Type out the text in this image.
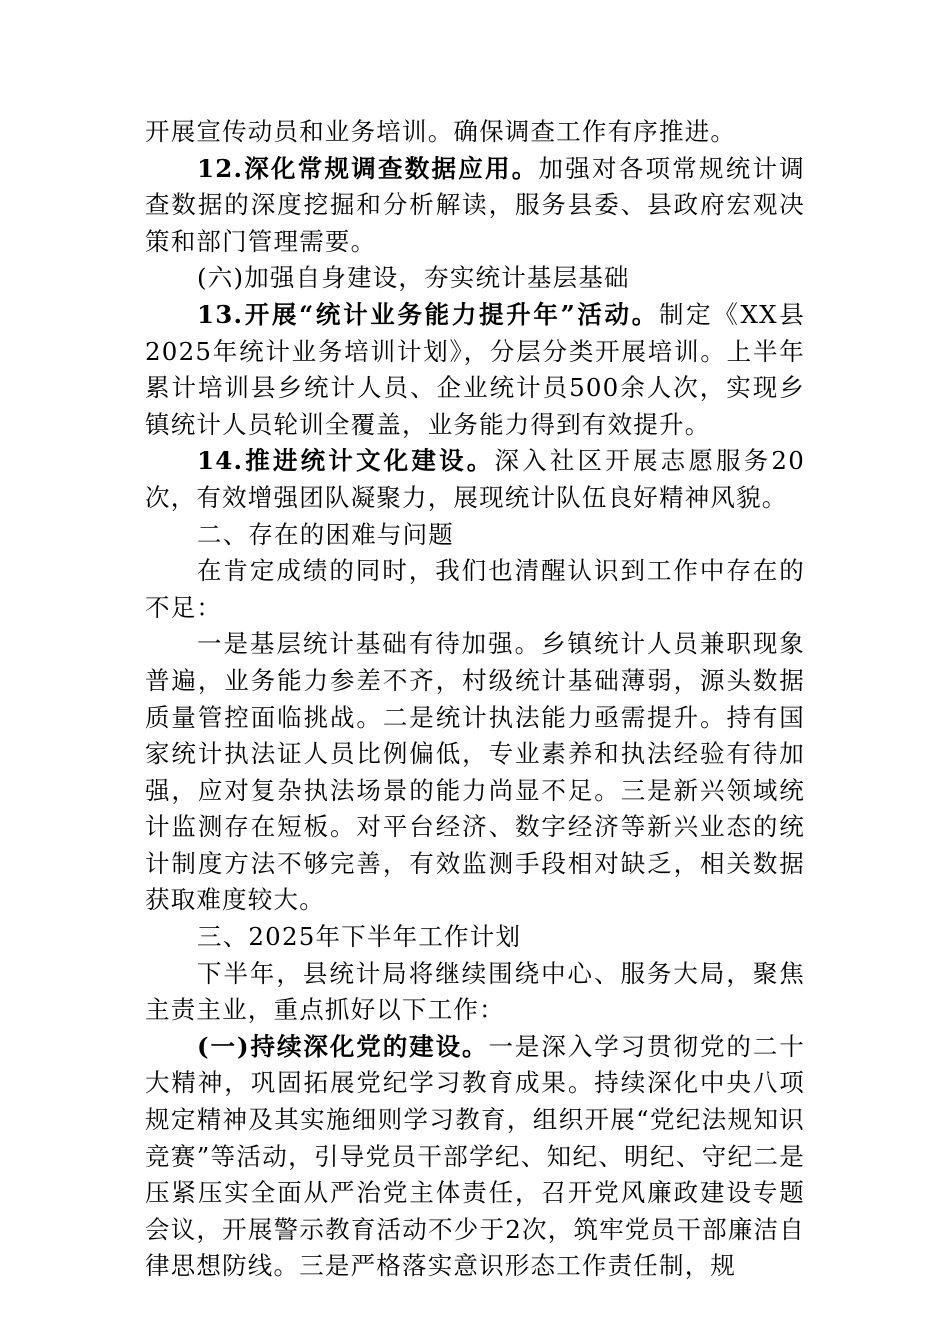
开展宣传动员和业务培训。确保调查工作有序推进。

12.深化常规调查数据应用。加强对各项常规统计调查数据的深度挖掘和分析解读，服务县委、县政府宏观决策和部门管理需要。

(六)加强自身建设，夯实统计基层基础

13.开展“统计业务能力提升年”活动。制定《XX县2025年统计业务培训计划》，分层分类开展培训。上半年累计培训县乡统计人员、企业统计员500余人次，实现乡镇统计人员轮训全覆盖，业务能力得到有效提升。

14.推进统计文化建设。深入社区开展志愿服务20次，有效增强团队凝聚力，展现统计队伍良好精神风貌。

二、存在的困难与问题

在肯定成绩的同时，我们也清醒认识到工作中存在的不足：

一是基层统计基础有待加强。乡镇统计人员兼职现象普遍，业务能力参差不齐，村级统计基础薄弱，源头数据质量管控面临挑战。二是统计执法能力亟需提升。持有国家统计执法证人员比例偏低，专业素养和执法经验有待加强，应对复杂执法场景的能力尚显不足。三是新兴领域统计监测存在短板。对平台经济、数字经济等新兴业态的统计制度方法不够完善，有效监测手段相对缺乏，相关数据获取难度较大。

三、2025年下半年工作计划

下半年，县统计局将继续围绕中心、服务大局，聚焦主责主业，重点抓好以下工作：

(一)持续深化党的建设。一是深入学习贯彻党的二十大精神，巩固拓展党纪学习教育成果。持续深化中央八项规定精神及其实施细则学习教育，组织开展“党纪法规知识竞赛”等活动，引导党员干部学纪、知纪、明纪、守纪二是压紧压实全面从严治党主体责任，召开党风廉政建设专题会议，开展警示教育活动不少于2次，筑牢党员干部廉洁自律思想防线。三是严格落实意识形态工作责任制，规
